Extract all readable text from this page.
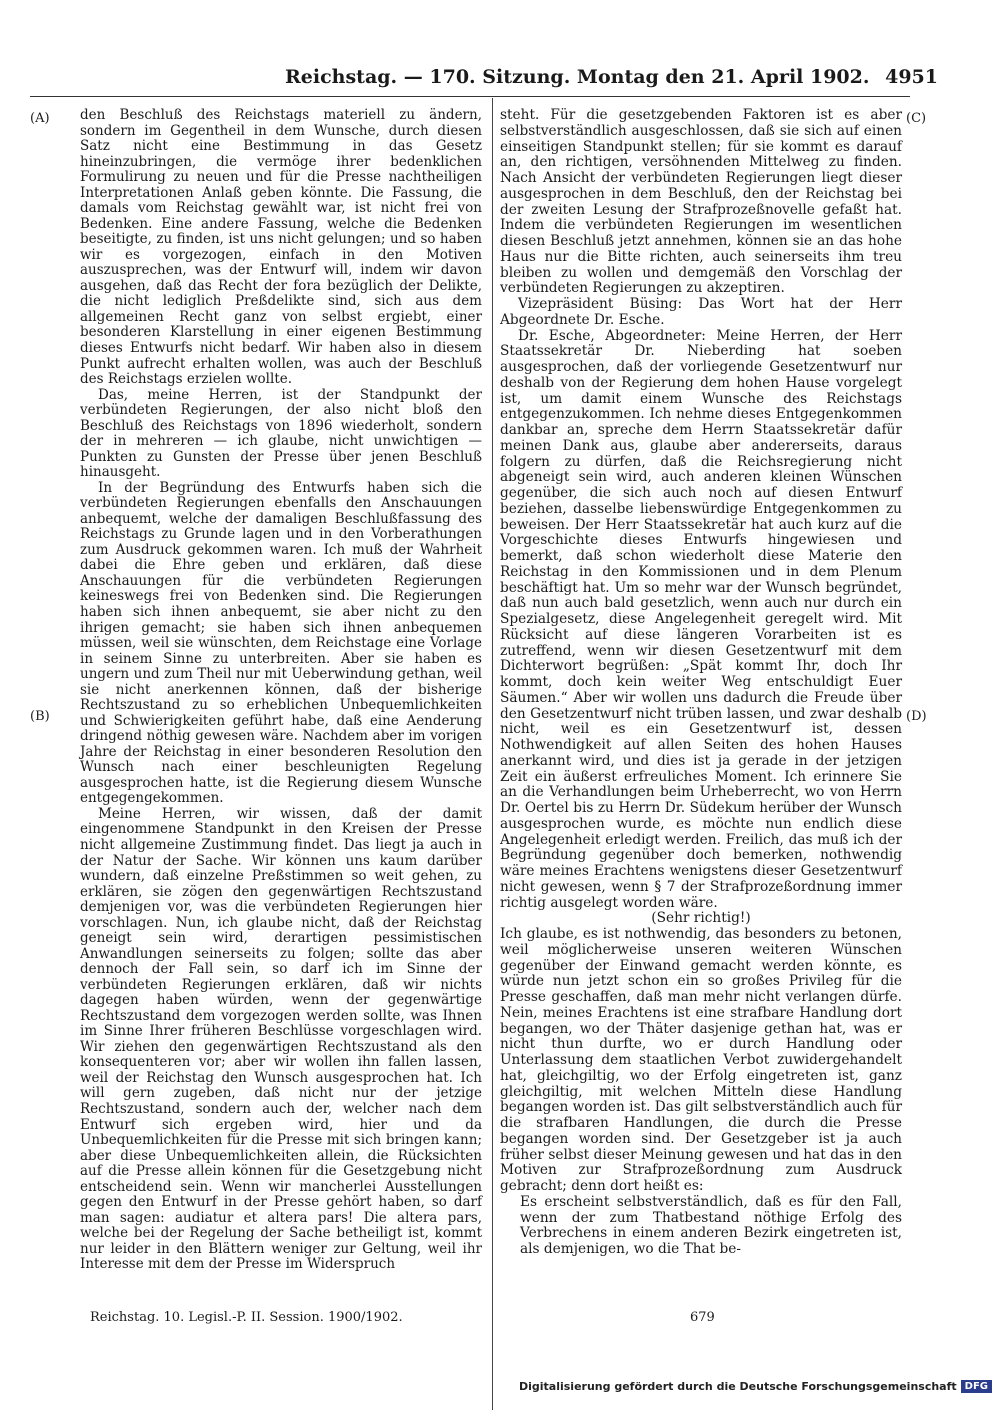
Reichstag. — 170. Sitzung. Montag den 21. April 1902. 4951
(A)
(B)
(C)
(D)

den Beschluß des Reichstags materiell zu ändern, sondern im Gegentheil in dem Wunsche, durch diesen Satz nicht eine Bestimmung in das Gesetz hineinzubringen, die vermöge ihrer bedenklichen Formulirung zu neuen und für die Presse nachtheiligen Interpretationen Anlaß geben könnte. Die Fassung, die damals vom Reichstag gewählt war, ist nicht frei von Bedenken. Eine andere Fassung, welche die Bedenken beseitigte, zu finden, ist uns nicht gelungen; und so haben wir es vorgezogen, einfach in den Motiven auszusprechen, was der Entwurf will, indem wir davon ausgehen, daß das Recht der fora bezüglich der Delikte, die nicht lediglich Preßdelikte sind, sich aus dem allgemeinen Recht ganz von selbst ergiebt, einer besonderen Klarstellung in einer eigenen Bestimmung dieses Entwurfs nicht bedarf. Wir haben also in diesem Punkt aufrecht erhalten wollen, was auch der Beschluß des Reichstags erzielen wollte.

Das, meine Herren, ist der Standpunkt der verbündeten Regierungen, der also nicht bloß den Beschluß des Reichstags von 1896 wiederholt, sondern der in mehreren — ich glaube, nicht unwichtigen — Punkten zu Gunsten der Presse über jenen Beschluß hinausgeht.

In der Begründung des Entwurfs haben sich die verbündeten Regierungen ebenfalls den Anschauungen anbequemt, welche der damaligen Beschlußfassung des Reichstags zu Grunde lagen und in den Vorberathungen zum Ausdruck gekommen waren. Ich muß der Wahrheit dabei die Ehre geben und erklären, daß diese Anschauungen für die verbündeten Regierungen keineswegs frei von Bedenken sind. Die Regierungen haben sich ihnen anbequemt, sie aber nicht zu den ihrigen gemacht; sie haben sich ihnen anbequemen müssen, weil sie wünschten, dem Reichstage eine Vorlage in seinem Sinne zu unterbreiten. Aber sie haben es ungern und zum Theil nur mit Ueberwindung gethan, weil sie nicht anerkennen können, daß der bisherige Rechtszustand zu so erheblichen Unbequemlichkeiten und Schwierigkeiten geführt habe, daß eine Aenderung dringend nöthig gewesen wäre. Nachdem aber im vorigen Jahre der Reichstag in einer besonderen Resolution den Wunsch nach einer beschleunigten Regelung ausgesprochen hatte, ist die Regierung diesem Wunsche entgegengekommen.

Meine Herren, wir wissen, daß der damit eingenommene Standpunkt in den Kreisen der Presse nicht allgemeine Zustimmung findet. Das liegt ja auch in der Natur der Sache. Wir können uns kaum darüber wundern, daß einzelne Preßstimmen so weit gehen, zu erklären, sie zögen den gegenwärtigen Rechtszustand demjenigen vor, was die verbündeten Regierungen hier vorschlagen. Nun, ich glaube nicht, daß der Reichstag geneigt sein wird, derartigen pessimistischen Anwandlungen seinerseits zu folgen; sollte das aber dennoch der Fall sein, so darf ich im Sinne der verbündeten Regierungen erklären, daß wir nichts dagegen haben würden, wenn der gegenwärtige Rechtszustand dem vorgezogen werden sollte, was Ihnen im Sinne Ihrer früheren Beschlüsse vorgeschlagen wird. Wir ziehen den gegenwärtigen Rechtszustand als den konsequenteren vor; aber wir wollen ihn fallen lassen, weil der Reichstag den Wunsch ausgesprochen hat. Ich will gern zugeben, daß nicht nur der jetzige Rechtszustand, sondern auch der, welcher nach dem Entwurf sich ergeben wird, hier und da Unbequemlichkeiten für die Presse mit sich bringen kann; aber diese Unbequemlichkeiten allein, die Rücksichten auf die Presse allein können für die Gesetzgebung nicht entscheidend sein. Wenn wir mancherlei Ausstellungen gegen den Entwurf in der Presse gehört haben, so darf man sagen: audiatur et altera pars! Die altera pars, welche bei der Regelung der Sache betheiligt ist, kommt nur leider in den Blättern weniger zur Geltung, weil ihr Interesse mit dem der Presse im Widerspruch

steht. Für die gesetzgebenden Faktoren ist es aber selbstverständlich ausgeschlossen, daß sie sich auf einen einseitigen Standpunkt stellen; für sie kommt es darauf an, den richtigen, versöhnenden Mittelweg zu finden. Nach Ansicht der verbündeten Regierungen liegt dieser ausgesprochen in dem Beschluß, den der Reichstag bei der zweiten Lesung der Strafprozeßnovelle gefaßt hat. Indem die verbündeten Regierungen im wesentlichen diesen Beschluß jetzt annehmen, können sie an das hohe Haus nur die Bitte richten, auch seinerseits ihm treu bleiben zu wollen und demgemäß den Vorschlag der verbündeten Regierungen zu akzeptiren.

Vizepräsident Büsing: Das Wort hat der Herr Abgeordnete Dr. Esche.

Dr. Esche, Abgeordneter: Meine Herren, der Herr Staatssekretär Dr. Nieberding hat soeben ausgesprochen, daß der vorliegende Gesetzentwurf nur deshalb von der Regierung dem hohen Hause vorgelegt ist, um damit einem Wunsche des Reichstags entgegenzukommen. Ich nehme dieses Entgegenkommen dankbar an, spreche dem Herrn Staatssekretär dafür meinen Dank aus, glaube aber andererseits, daraus folgern zu dürfen, daß die Reichsregierung nicht abgeneigt sein wird, auch anderen kleinen Wünschen gegenüber, die sich auch noch auf diesen Entwurf beziehen, dasselbe liebenswürdige Entgegenkommen zu beweisen. Der Herr Staatssekretär hat auch kurz auf die Vorgeschichte dieses Entwurfs hingewiesen und bemerkt, daß schon wiederholt diese Materie den Reichstag in den Kommissionen und in dem Plenum beschäftigt hat. Um so mehr war der Wunsch begründet, daß nun auch bald gesetzlich, wenn auch nur durch ein Spezialgesetz, diese Angelegenheit geregelt wird. Mit Rücksicht auf diese längeren Vorarbeiten ist es zutreffend, wenn wir diesen Gesetzentwurf mit dem Dichterwort begrüßen: „Spät kommt Ihr, doch Ihr kommt, doch kein weiter Weg entschuldigt Euer Säumen.“ Aber wir wollen uns dadurch die Freude über den Gesetzentwurf nicht trüben lassen, und zwar deshalb nicht, weil es ein Gesetzentwurf ist, dessen Nothwendigkeit auf allen Seiten des hohen Hauses anerkannt wird, und dies ist ja gerade in der jetzigen Zeit ein äußerst erfreuliches Moment. Ich erinnere Sie an die Verhandlungen beim Urheberrecht, wo von Herrn Dr. Oertel bis zu Herrn Dr. Südekum herüber der Wunsch ausgesprochen wurde, es möchte nun endlich diese Angelegenheit erledigt werden. Freilich, das muß ich der Begründung gegenüber doch bemerken, nothwendig wäre meines Erachtens wenigstens dieser Gesetzentwurf nicht gewesen, wenn § 7 der Strafprozeßordnung immer richtig ausgelegt worden wäre.

(Sehr richtig!)

Ich glaube, es ist nothwendig, das besonders zu betonen, weil möglicherweise unseren weiteren Wünschen gegenüber der Einwand gemacht werden könnte, es würde nun jetzt schon ein so großes Privileg für die Presse geschaffen, daß man mehr nicht verlangen dürfe. Nein, meines Erachtens ist eine strafbare Handlung dort begangen, wo der Thäter dasjenige gethan hat, was er nicht thun durfte, wo er durch Handlung oder Unterlassung dem staatlichen Verbot zuwidergehandelt hat, gleichgiltig, wo der Erfolg eingetreten ist, ganz gleichgiltig, mit welchen Mitteln diese Handlung begangen worden ist. Das gilt selbstverständlich auch für die strafbaren Handlungen, die durch die Presse begangen worden sind. Der Gesetzgeber ist ja auch früher selbst dieser Meinung gewesen und hat das in den Motiven zur Strafprozeßordnung zum Ausdruck gebracht; denn dort heißt es:

Es erscheint selbstverständlich, daß es für den Fall, wenn der zum Thatbestand nöthige Erfolg des Verbrechens in einem anderen Bezirk eingetreten ist, als demjenigen, wo die That be-

Reichstag. 10. Legisl.-P. II. Session. 1900/1902.	679
Digitalisierung gefördert durch die Deutsche Forschungsgemeinschaft DFG
